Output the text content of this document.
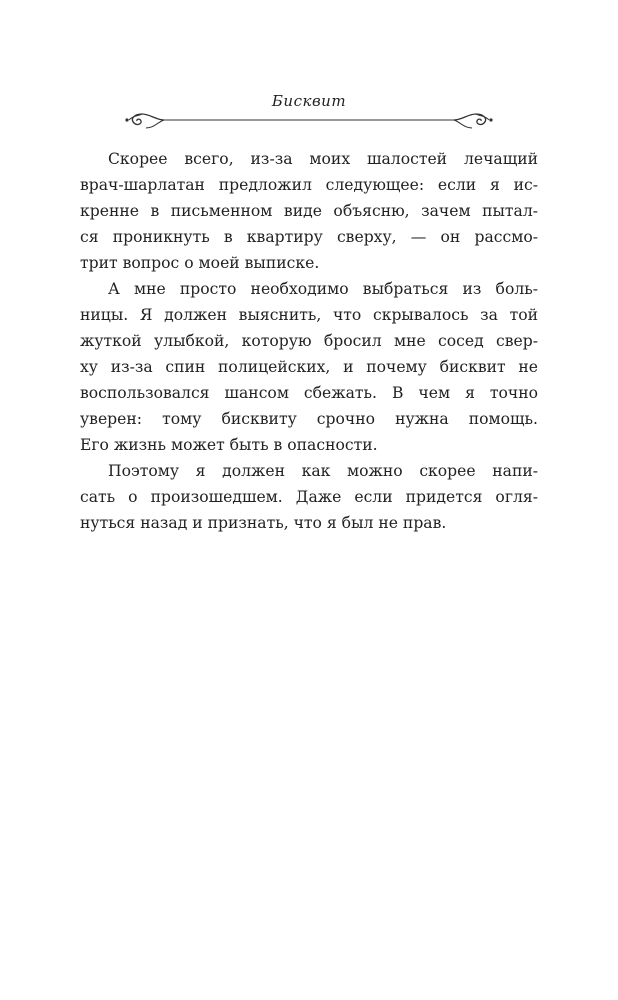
Бисквит

Скорее всего, из-за моих шалостей лечащий
врач-шарлатан предложил следующее: если я ис-
кренне в письменном виде объясню, зачем пытал-
ся проникнуть в квартиру сверху, — он рассмо-
трит вопрос о моей выписке.

А мне просто необходимо выбраться из боль-
ницы. Я должен выяснить, что скрывалось за той
жуткой улыбкой, которую бросил мне сосед свер-
ху из-за спин полицейских, и почему бисквит не
воспользовался шансом сбежать. В чем я точно
уверен: тому бисквиту срочно нужна помощь.
Его жизнь может быть в опасности.

Поэтому я должен как можно скорее напи-
сать о произошедшем. Даже если придется огля-
нуться назад и признать, что я был не прав.
